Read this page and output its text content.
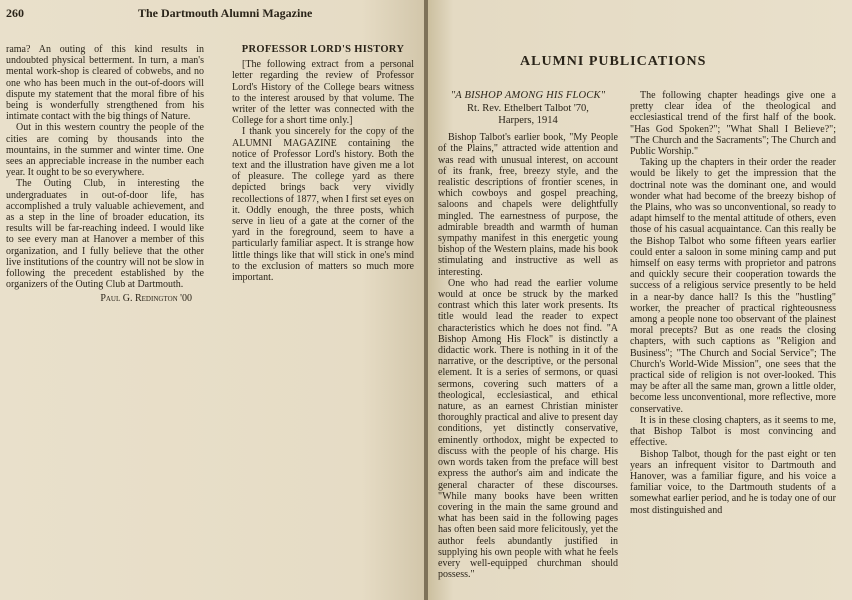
260	The Dartmouth Alumni Magazine

rama? An outing of this kind results in undoubted physical betterment. In turn, a man's mental work-shop is cleared of cobwebs, and no one who has been much in the out-of-doors will dispute my statement that the moral fibre of his being is wonderfully strengthened from his intimate contact with the big things of Nature.

Out in this western country the people of the cities are coming by thousands into the mountains, in the summer and winter time. One sees an appreciable increase in the number each year. It ought to be so everywhere.

The Outing Club, in interesting the undergraduates in out-of-door life, has accomplished a truly valuable achievement, and as a step in the line of broader education, its results will be far-reaching indeed. I would like to see every man at Hanover a member of this organization, and I fully believe that the other live institutions of the country will not be slow in following the precedent established by the organizers of the Outing Club at Dartmouth.

Paul G. Redington '00
PROFESSOR LORD'S HISTORY

[The following extract from a personal letter regarding the review of Professor Lord's History of the College bears witness to the interest aroused by that volume. The writer of the letter was connected with the College for a short time only.]

I thank you sincerely for the copy of the ALUMNI MAGAZINE containing the notice of Professor Lord's history. Both the text and the illustration have given me a lot of pleasure. The college yard as there depicted brings back very vividly recollections of 1877, when I first set eyes on it. Oddly enough, the three posts, which serve in lieu of a gate at the corner of the yard in the foreground, seem to have a particularly familiar aspect. It is strange how little things like that will stick in one's mind to the exclusion of matters so much more important.

ALUMNI PUBLICATIONS
"A BISHOP AMONG HIS FLOCK"
Rt. Rev. Ethelbert Talbot '70,
Harpers, 1914

Bishop Talbot's earlier book, "My People of the Plains," attracted wide attention and was read with unusual interest, on account of its frank, free, breezy style, and the realistic descriptions of frontier scenes, in which cowboys and gospel preaching, saloons and chapels were delightfully mingled. The earnestness of purpose, the admirable breadth and warmth of human sympathy manifest in this energetic young bishop of the Western plains, made his book stimulating and instructive as well as interesting.

One who had read the earlier volume would at once be struck by the marked contrast which this later work presents. Its title would lead the reader to expect characteristics which he does not find. "A Bishop Among His Flock" is distinctly a didactic work. There is nothing in it of the narrative, or the descriptive, or the personal element. It is a series of sermons, or quasi sermons, covering such matters of a theological, ecclesiastical, and ethical nature, as an earnest Christian minister thoroughly practical and alive to present day conditions, yet distinctly conservative, eminently orthodox, might be expected to discuss with the people of his charge. His own words taken from the preface will best express the author's aim and indicate the general character of these discourses. "While many books have been written covering in the main the same ground and what has been said in the following pages has often been said more felicitously, yet the author feels abundantly justified in supplying his own people with what he feels every well-equipped churchman should possess."

The following chapter headings give one a pretty clear idea of the theological and ecclesiastical trend of the first half of the book. "Has God Spoken?"; "What Shall I Believe?"; "The Church and the Sacraments"; The Church and Public Worship."

Taking up the chapters in their order the reader would be likely to get the impression that the doctrinal note was the dominant one, and would wonder what had become of the breezy bishop of the Plains, who was so unconventional, so ready to adapt himself to the mental attitude of others, even those of his casual acquaintance. Can this really be the Bishop Talbot who some fifteen years earlier could enter a saloon in some mining camp and put himself on easy terms with proprietor and patrons and quickly secure their cooperation towards the success of a religious service presently to be held in a near-by dance hall? Is this the "hustling" worker, the preacher of practical righteousness among a people none too observant of the plainest moral precepts? But as one reads the closing chapters, with such captions as "Religion and Business"; "The Church and Social Service"; The Church's World-Wide Mission", one sees that the practical side of religion is not over-looked. This may be after all the same man, grown a little older, become less unconventional, more reflective, more conservative.

It is in these closing chapters, as it seems to me, that Bishop Talbot is most convincing and effective.

Bishop Talbot, though for the past eight or ten years an infrequent visitor to Dartmouth and Hanover, was a familiar figure, and his voice a familiar voice, to the Dartmouth students of a somewhat earlier period, and he is today one of our most distinguished and
